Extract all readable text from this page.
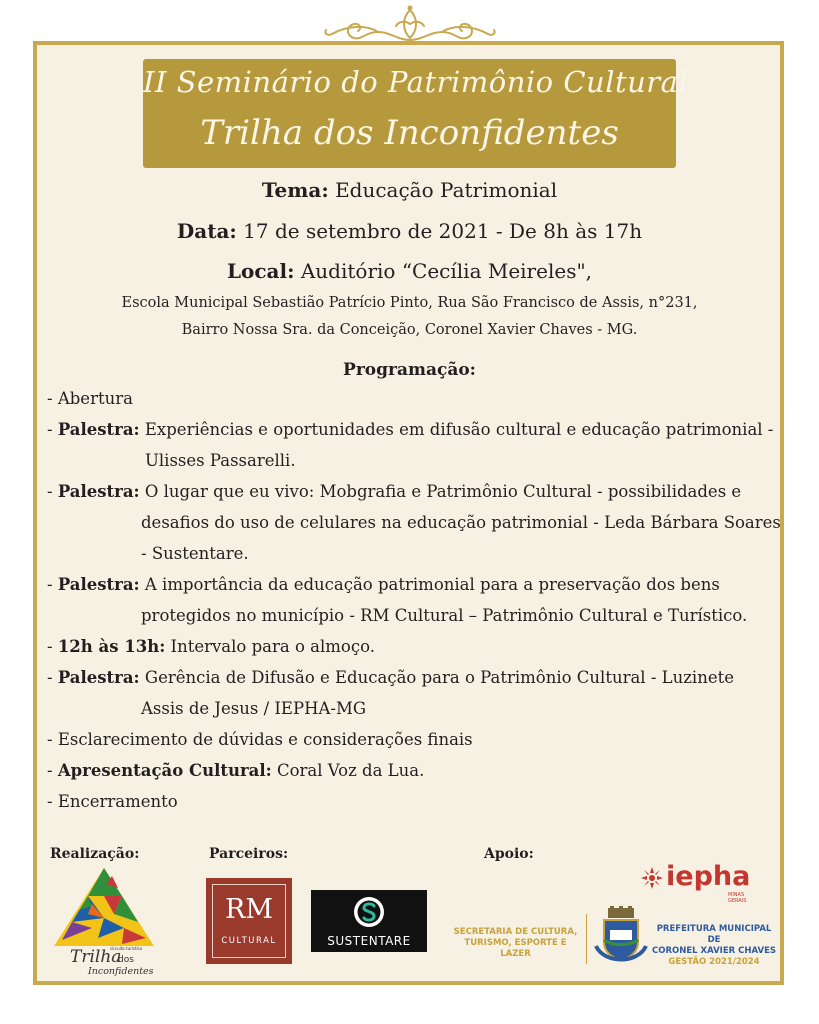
II Seminário do Patrimônio Cultural
Trilha dos Inconfidentes
Tema: Educação Patrimonial
Data: 17 de setembro de 2021 - De 8h às 17h
Local: Auditório “Cecília Meireles",
Escola Municipal Sebastião Patrício Pinto, Rua São Francisco de Assis, n°231,
Bairro Nossa Sra. da Conceição, Coronel Xavier Chaves - MG.
Programação:
- Abertura
- Palestra: Experiências e oportunidades em difusão cultural e educação patrimonial -
Ulisses Passarelli.
- Palestra: O lugar que eu vivo: Mobgrafia e Patrimônio Cultural - possibilidades e
desafios do uso de celulares na educação patrimonial - Leda Bárbara Soares
- Sustentare.
- Palestra: A importância da educação patrimonial para a preservação dos bens
protegidos no município - RM Cultural – Patrimônio Cultural e Turístico.
- 12h às 13h: Intervalo para o almoço.
- Palestra: Gerência de Difusão e Educação para o Patrimônio Cultural - Luzinete
Assis de Jesus / IEPHA-MG
- Esclarecimento de dúvidas e considerações finais
- Apresentação Cultural: Coral Voz da Lua.
- Encerramento
Realização:	Parceiros:	Apoio:
circuito turístico
Trilha
dos
Inconfidentes
RM
CULTURAL	SUSTENTARE
iepha
MINAS GERAIS
SECRETARIA DE CULTURA,
TURISMO, ESPORTE E LAZER
PREFEITURA MUNICIPAL DE
CORONEL XAVIER CHAVES
GESTÃO 2021/2024
